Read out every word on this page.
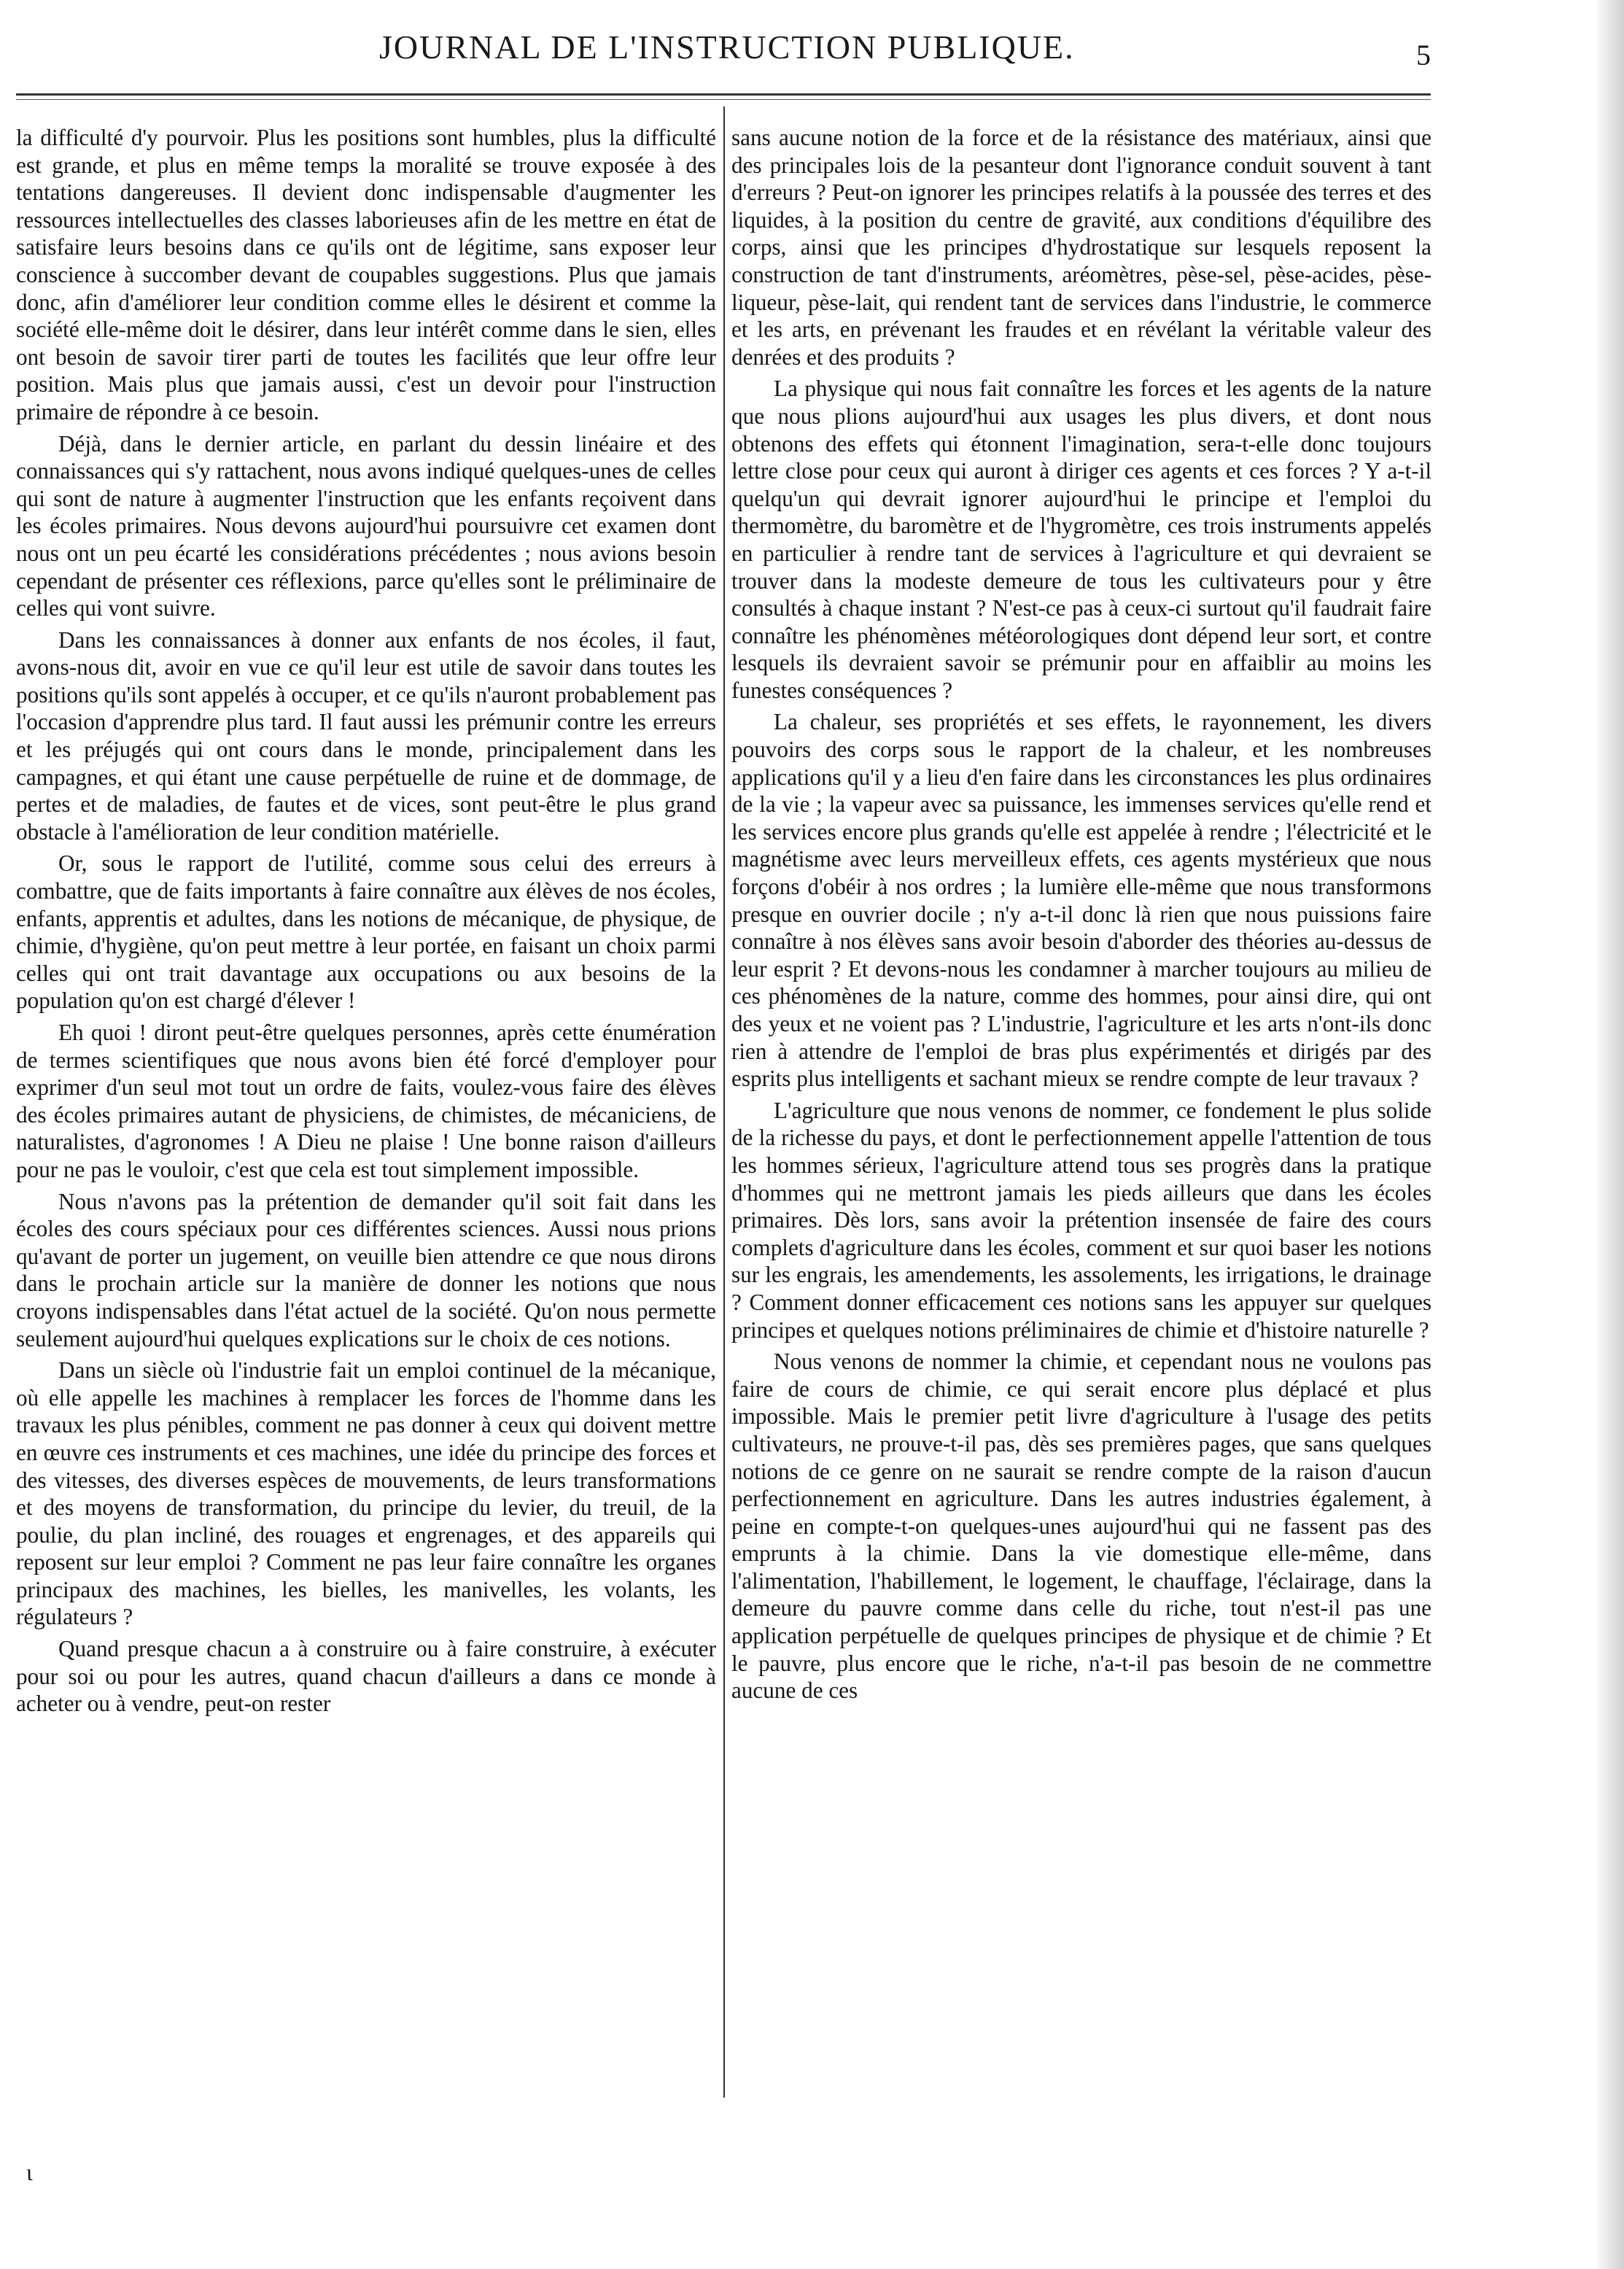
JOURNAL DE L'INSTRUCTION PUBLIQUE.	5

la difficulté d'y pourvoir. Plus les positions sont humbles, plus la difficulté est grande, et plus en même temps la moralité se trouve exposée à des tentations dangereuses. Il devient donc indispensable d'augmenter les ressources intellectuelles des classes laborieuses afin de les mettre en état de satisfaire leurs besoins dans ce qu'ils ont de légitime, sans exposer leur conscience à succomber devant de coupables suggestions. Plus que jamais donc, afin d'améliorer leur condition comme elles le désirent et comme la société elle-même doit le désirer, dans leur intérêt comme dans le sien, elles ont besoin de savoir tirer parti de toutes les facilités que leur offre leur position. Mais plus que jamais aussi, c'est un devoir pour l'instruction primaire de répondre à ce besoin.

Déjà, dans le dernier article, en parlant du dessin linéaire et des connaissances qui s'y rattachent, nous avons indiqué quelques-unes de celles qui sont de nature à augmenter l'instruction que les enfants reçoivent dans les écoles primaires. Nous devons aujourd'hui poursuivre cet examen dont nous ont un peu écarté les considérations précédentes ; nous avions besoin cependant de présenter ces réflexions, parce qu'elles sont le préliminaire de celles qui vont suivre.

Dans les connaissances à donner aux enfants de nos écoles, il faut, avons-nous dit, avoir en vue ce qu'il leur est utile de savoir dans toutes les positions qu'ils sont appelés à occuper, et ce qu'ils n'auront probablement pas l'occasion d'apprendre plus tard. Il faut aussi les prémunir contre les erreurs et les préjugés qui ont cours dans le monde, principalement dans les campagnes, et qui étant une cause perpétuelle de ruine et de dommage, de pertes et de maladies, de fautes et de vices, sont peut-être le plus grand obstacle à l'amélioration de leur condition matérielle.

Or, sous le rapport de l'utilité, comme sous celui des erreurs à combattre, que de faits importants à faire connaître aux élèves de nos écoles, enfants, apprentis et adultes, dans les notions de mécanique, de physique, de chimie, d'hygiène, qu'on peut mettre à leur portée, en faisant un choix parmi celles qui ont trait davantage aux occupations ou aux besoins de la population qu'on est chargé d'élever !

Eh quoi ! diront peut-être quelques personnes, après cette énumération de termes scientifiques que nous avons bien été forcé d'employer pour exprimer d'un seul mot tout un ordre de faits, voulez-vous faire des élèves des écoles primaires autant de physiciens, de chimistes, de mécaniciens, de naturalistes, d'agronomes ! A Dieu ne plaise ! Une bonne raison d'ailleurs pour ne pas le vouloir, c'est que cela est tout simplement impossible.

Nous n'avons pas la prétention de demander qu'il soit fait dans les écoles des cours spéciaux pour ces différentes sciences. Aussi nous prions qu'avant de porter un jugement, on veuille bien attendre ce que nous dirons dans le prochain article sur la manière de donner les notions que nous croyons indispensables dans l'état actuel de la société. Qu'on nous permette seulement aujourd'hui quelques explications sur le choix de ces notions.

Dans un siècle où l'industrie fait un emploi continuel de la mécanique, où elle appelle les machines à remplacer les forces de l'homme dans les travaux les plus pénibles, comment ne pas donner à ceux qui doivent mettre en œuvre ces instruments et ces machines, une idée du principe des forces et des vitesses, des diverses espèces de mouvements, de leurs transformations et des moyens de transformation, du principe du levier, du treuil, de la poulie, du plan incliné, des rouages et engrenages, et des appareils qui reposent sur leur emploi ? Comment ne pas leur faire connaître les organes principaux des machines, les bielles, les manivelles, les volants, les régulateurs ?

Quand presque chacun a à construire ou à faire construire, à exécuter pour soi ou pour les autres, quand chacun d'ailleurs a dans ce monde à acheter ou à vendre, peut-on rester

sans aucune notion de la force et de la résistance des matériaux, ainsi que des principales lois de la pesanteur dont l'ignorance conduit souvent à tant d'erreurs ? Peut-on ignorer les principes relatifs à la poussée des terres et des liquides, à la position du centre de gravité, aux conditions d'équilibre des corps, ainsi que les principes d'hydrostatique sur lesquels reposent la construction de tant d'instruments, aréomètres, pèse-sel, pèse-acides, pèse-liqueur, pèse-lait, qui rendent tant de services dans l'industrie, le commerce et les arts, en prévenant les fraudes et en révélant la véritable valeur des denrées et des produits ?

La physique qui nous fait connaître les forces et les agents de la nature que nous plions aujourd'hui aux usages les plus divers, et dont nous obtenons des effets qui étonnent l'imagination, sera-t-elle donc toujours lettre close pour ceux qui auront à diriger ces agents et ces forces ? Y a-t-il quelqu'un qui devrait ignorer aujourd'hui le principe et l'emploi du thermomètre, du baromètre et de l'hygromètre, ces trois instruments appelés en particulier à rendre tant de services à l'agriculture et qui devraient se trouver dans la modeste demeure de tous les cultivateurs pour y être consultés à chaque instant ? N'est-ce pas à ceux-ci surtout qu'il faudrait faire connaître les phénomènes météorologiques dont dépend leur sort, et contre lesquels ils devraient savoir se prémunir pour en affaiblir au moins les funestes conséquences ?

La chaleur, ses propriétés et ses effets, le rayonnement, les divers pouvoirs des corps sous le rapport de la chaleur, et les nombreuses applications qu'il y a lieu d'en faire dans les circonstances les plus ordinaires de la vie ; la vapeur avec sa puissance, les immenses services qu'elle rend et les services encore plus grands qu'elle est appelée à rendre ; l'électricité et le magnétisme avec leurs merveilleux effets, ces agents mystérieux que nous forçons d'obéir à nos ordres ; la lumière elle-même que nous transformons presque en ouvrier docile ; n'y a-t-il donc là rien que nous puissions faire connaître à nos élèves sans avoir besoin d'aborder des théories au-dessus de leur esprit ? Et devons-nous les condamner à marcher toujours au milieu de ces phénomènes de la nature, comme des hommes, pour ainsi dire, qui ont des yeux et ne voient pas ? L'industrie, l'agriculture et les arts n'ont-ils donc rien à attendre de l'emploi de bras plus expérimentés et dirigés par des esprits plus intelligents et sachant mieux se rendre compte de leur travaux ?

L'agriculture que nous venons de nommer, ce fondement le plus solide de la richesse du pays, et dont le perfectionnement appelle l'attention de tous les hommes sérieux, l'agriculture attend tous ses progrès dans la pratique d'hommes qui ne mettront jamais les pieds ailleurs que dans les écoles primaires. Dès lors, sans avoir la prétention insensée de faire des cours complets d'agriculture dans les écoles, comment et sur quoi baser les notions sur les engrais, les amendements, les assolements, les irrigations, le drainage ? Comment donner efficacement ces notions sans les appuyer sur quelques principes et quelques notions préliminaires de chimie et d'histoire naturelle ?

Nous venons de nommer la chimie, et cependant nous ne voulons pas faire de cours de chimie, ce qui serait encore plus déplacé et plus impossible. Mais le premier petit livre d'agriculture à l'usage des petits cultivateurs, ne prouve-t-il pas, dès ses premières pages, que sans quelques notions de ce genre on ne saurait se rendre compte de la raison d'aucun perfectionnement en agriculture. Dans les autres industries également, à peine en compte-t-on quelques-unes aujourd'hui qui ne fassent pas des emprunts à la chimie. Dans la vie domestique elle-même, dans l'alimentation, l'habillement, le logement, le chauffage, l'éclairage, dans la demeure du pauvre comme dans celle du riche, tout n'est-il pas une application perpétuelle de quelques principes de physique et de chimie ? Et le pauvre, plus encore que le riche, n'a-t-il pas besoin de ne commettre aucune de ces

ι
